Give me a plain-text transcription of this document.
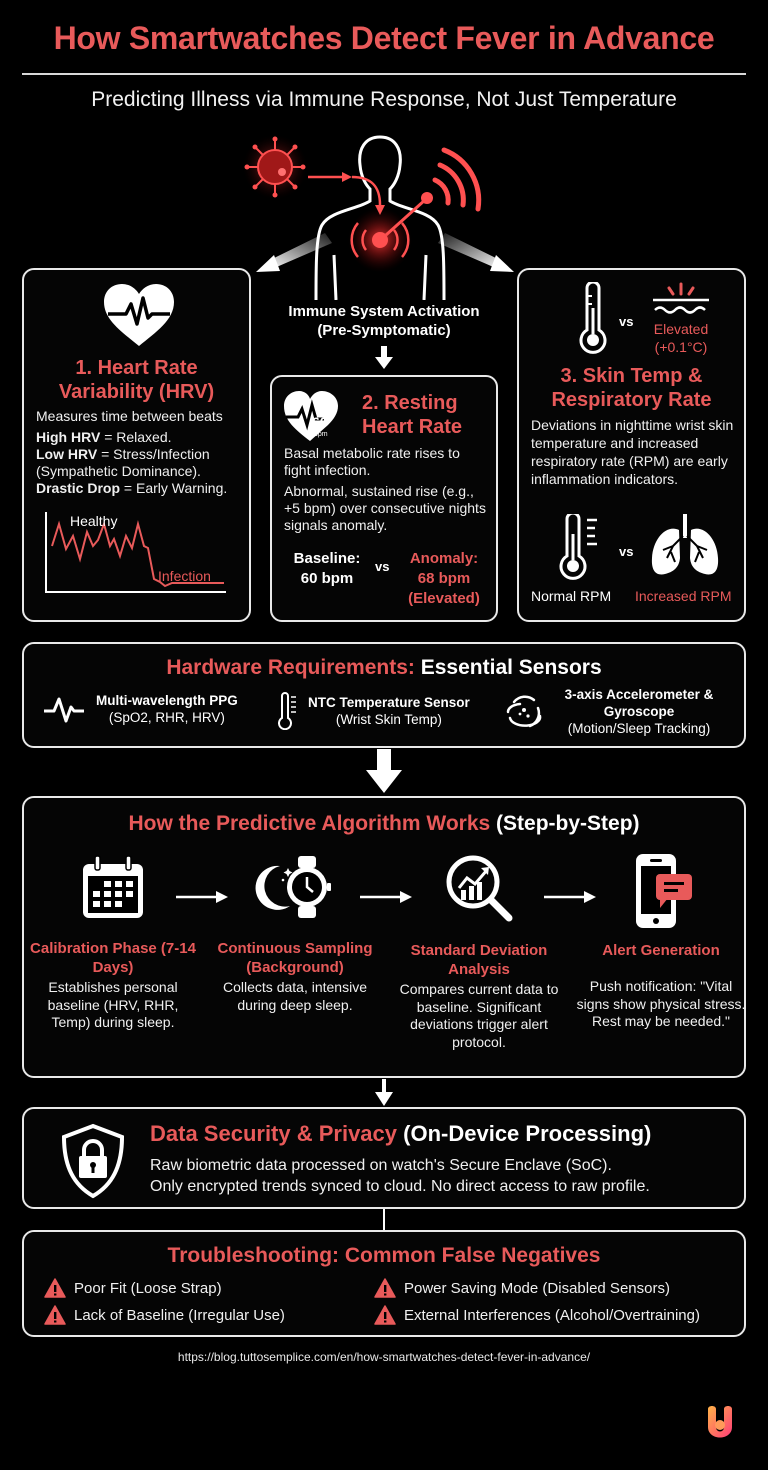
How Smartwatches Detect Fever in Advance
Predicting Illness via Immune Response, Not Just Temperature
Immune System Activation
(Pre-Symptomatic)
1. Heart Rate
Variability (HRV)
Measures time between beats
High HRV = Relaxed.
Low HRV = Stress/Infection (Sympathetic Dominance).
Drastic Drop = Early Warning.
Healthy
Infection
60
bpm
2. Resting
Heart Rate
Basal metabolic rate rises to fight infection.
Abnormal, sustained rise (e.g., +5 bpm) over consecutive nights signals anomaly.
Baseline:
60 bpm
vs	Anomaly:
68 bpm
(Elevated)
vs	Elevated
(+0.1°C)
3. Skin Temp &
Respiratory Rate
Deviations in nighttime wrist skin temperature and increased respiratory rate (RPM) are early inflammation indicators.
vs
Normal RPM Increased RPM
Hardware Requirements: Essential Sensors
Multi-wavelength PPG
(SpO2, RHR, HRV)
NTC Temperature Sensor
(Wrist Skin Temp)
3-axis Accelerometer & Gyroscope
(Motion/Sleep Tracking)
How the Predictive Algorithm Works (Step-by-Step)
Calibration Phase (7-14 Days)
Establishes personal baseline (HRV, RHR, Temp) during sleep.
Continuous Sampling (Background)
Collects data, intensive during deep sleep.
Standard Deviation Analysis
Compares current data to baseline. Significant deviations trigger alert protocol.
Alert Generation
Push notification: "Vital signs show physical stress. Rest may be needed."
Data Security & Privacy (On-Device Processing)
Raw biometric data processed on watch's Secure Enclave (SoC).
Only encrypted trends synced to cloud. No direct access to raw profile.
Troubleshooting: Common False Negatives
Poor Fit (Loose Strap)	Power Saving Mode (Disabled Sensors)
Lack of Baseline (Irregular Use)	External Interferences (Alcohol/Overtraining)
https://blog.tuttosemplice.com/en/how-smartwatches-detect-fever-in-advance/
